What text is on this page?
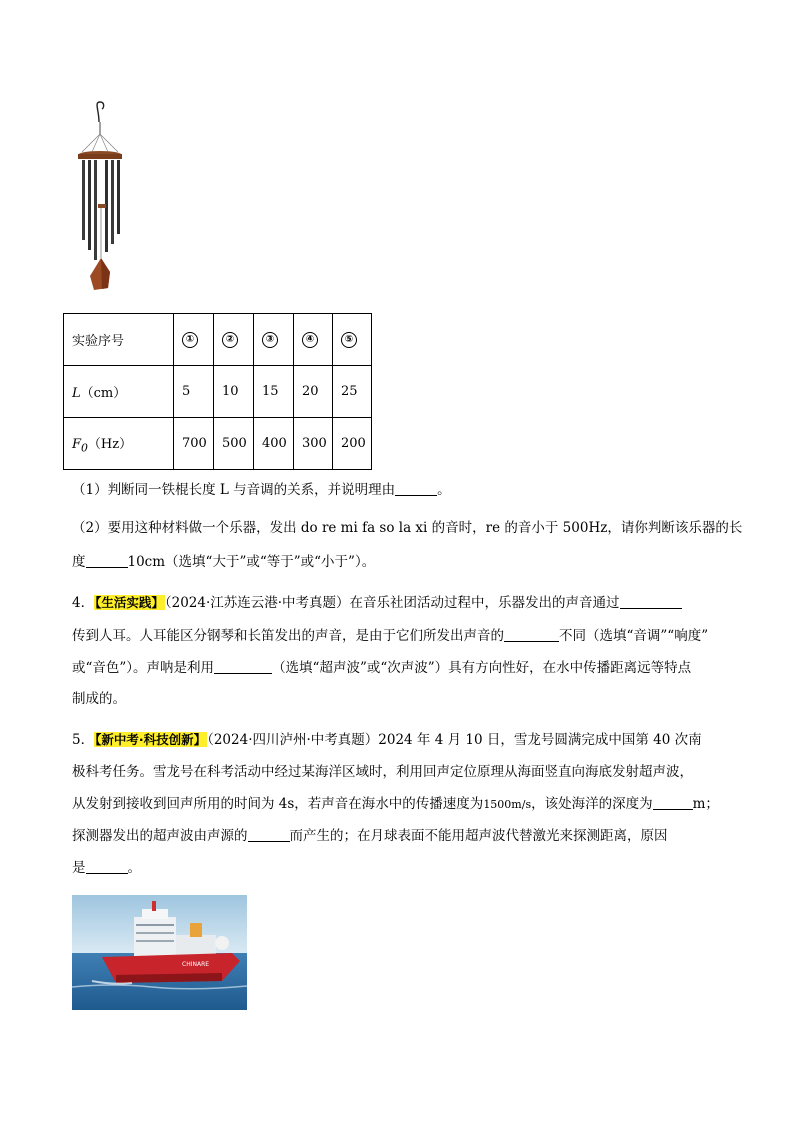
实验序号	①	②	③	④	⑤
L（cm）	5	10	15	20	25
$F_0(Hz)$	700	500	400	300	200
（1）判断同一铁棍长度 L 与音调的关系，并说明理由	。
（2）要用这种材料做一个乐器，发出 do re mi fa so la xi 的音时，re 的音小于 500Hz，请你判断该乐器的长
度	10cm（选填“大于”或“等于”或“小于”）。
4．【生活实践】（2024·江苏连云港·中考真题）在音乐社团活动过程中，乐器发出的声音通过
传到人耳。人耳能区分钢琴和长笛发出的声音，是由于它们所发出声音的	不同（选填“音调”“响度”
或“音色”）。声呐是利用	（选填“超声波”或“次声波”）具有方向性好，在水中传播距离远等特点
制成的。
5．【新中考·科技创新】（2024·四川泸州·中考真题）2024 年 4 月 10 日，雪龙号圆满完成中国第 40 次南
极科考任务。雪龙号在科考活动中经过某海洋区域时，利用回声定位原理从海面竖直向海底发射超声波，
从发射到接收到回声所用的时间为 4s，若声音在海水中的传播速度为1500m/s，该处海洋的深度为	m；
探测器发出的超声波由声源的	而产生的；在月球表面不能用超声波代替激光来探测距离，原因
是	。
CHINARE
